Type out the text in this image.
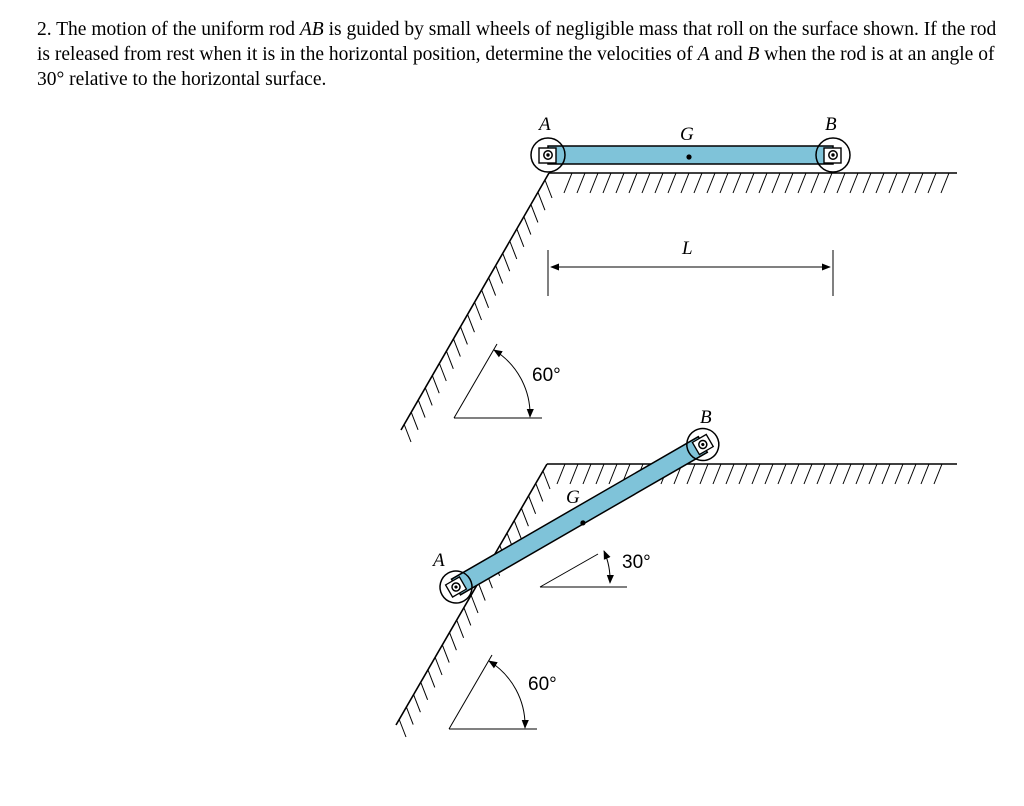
2. The motion of the uniform rod AB is guided by small wheels of negligible mass that roll on the surface shown. If the rod is released from rest when it is in the horizontal position, determine the velocities of A and B when the rod is at an angle of 30° relative to the horizontal surface.
A	G	B
L
60°
A
G
B
30°
60°
